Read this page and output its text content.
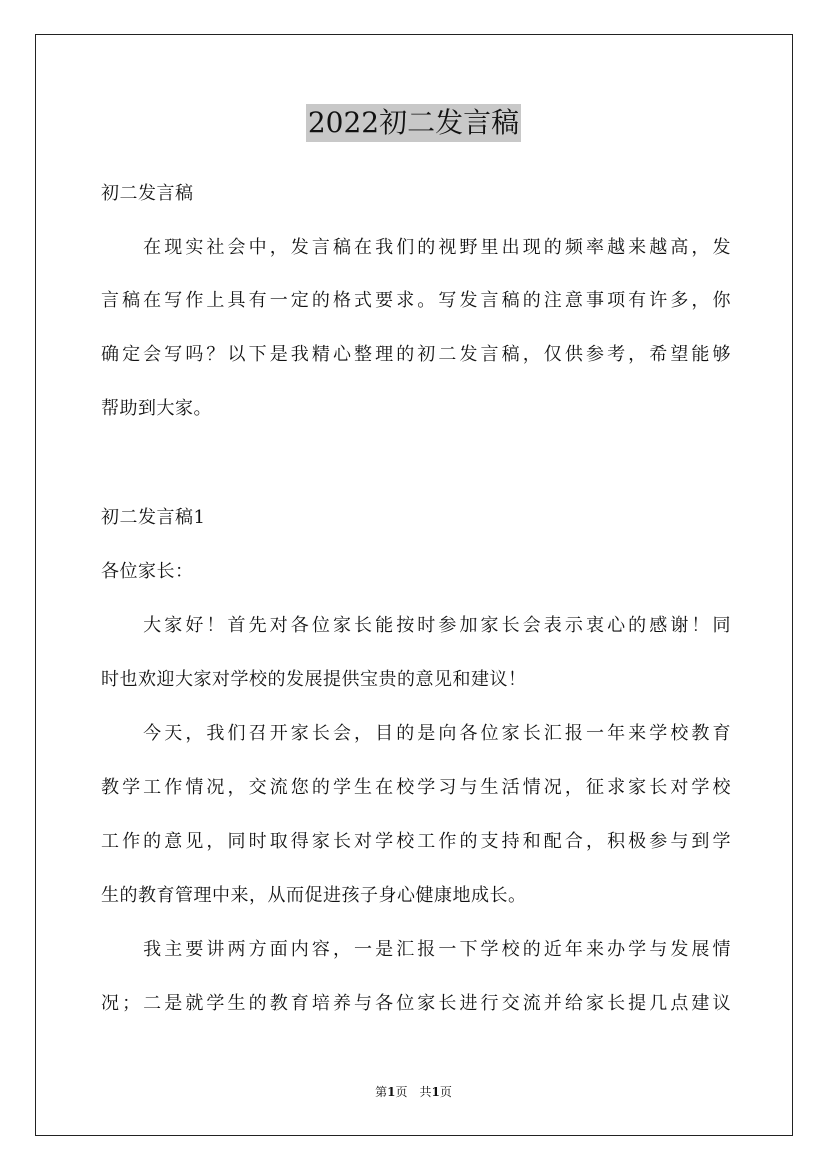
2022初二发言稿
初二发言稿
　　在现实社会中，发言稿在我们的视野里出现的频率越来越高，发
言稿在写作上具有一定的格式要求。写发言稿的注意事项有许多，你
确定会写吗？以下是我精心整理的初二发言稿，仅供参考，希望能够
帮助到大家。
初二发言稿1
各位家长：
　　大家好！首先对各位家长能按时参加家长会表示衷心的感谢！同
时也欢迎大家对学校的发展提供宝贵的意见和建议！
　　今天，我们召开家长会，目的是向各位家长汇报一年来学校教育
教学工作情况，交流您的学生在校学习与生活情况，征求家长对学校
工作的意见，同时取得家长对学校工作的支持和配合，积极参与到学
生的教育管理中来，从而促进孩子身心健康地成长。
　　我主要讲两方面内容，一是汇报一下学校的近年来办学与发展情
况；二是就学生的教育培养与各位家长进行交流并给家长提几点建议
第1页　共1页
